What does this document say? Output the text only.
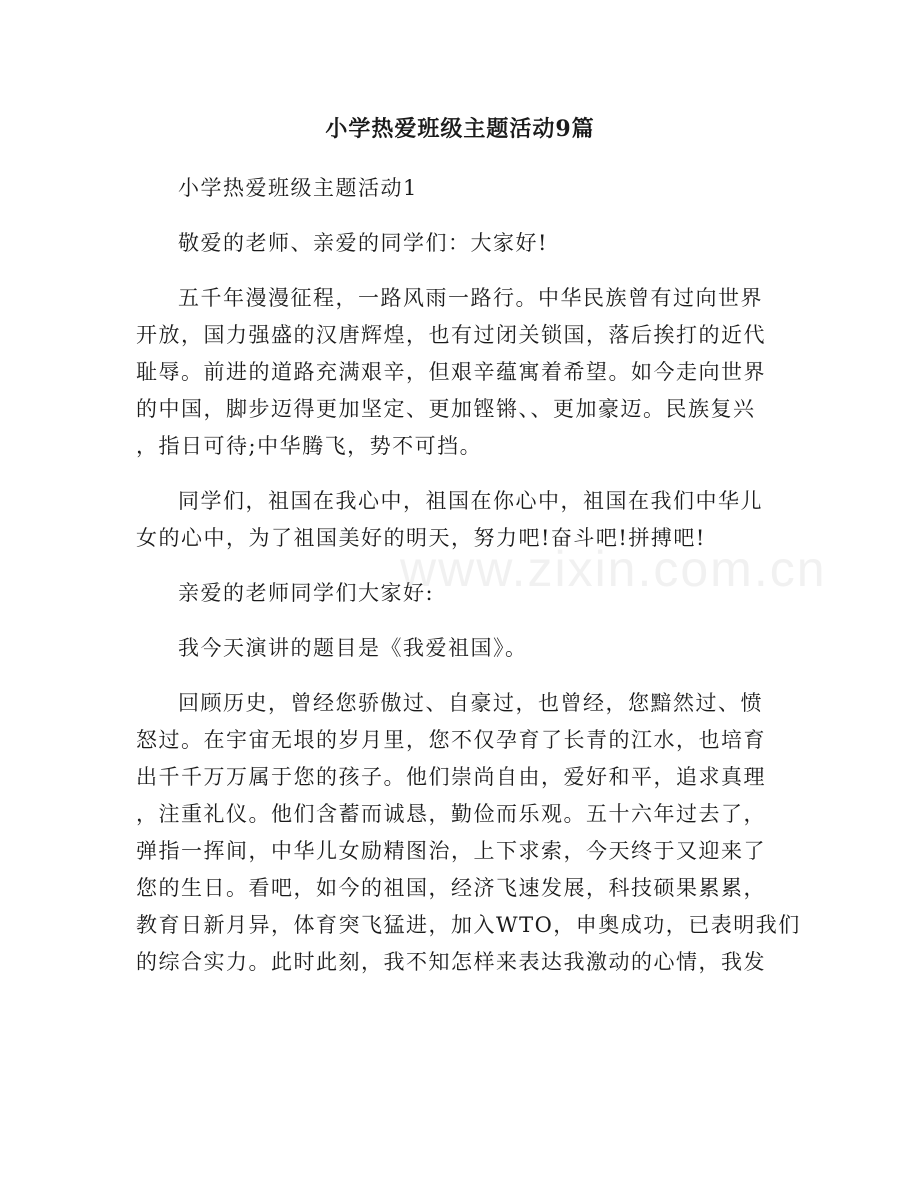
小学热爱班级主题活动9篇

小学热爱班级主题活动1

敬爱的老师、亲爱的同学们：大家好!

五千年漫漫征程，一路风雨一路行。中华民族曾有过向世界
开放，国力强盛的汉唐辉煌，也有过闭关锁国，落后挨打的近代
耻辱。前进的道路充满艰辛，但艰辛蕴寓着希望。如今走向世界
的中国，脚步迈得更加坚定、更加铿锵、、更加豪迈。民族复兴
，指日可待;中华腾飞，势不可挡。

同学们，祖国在我心中，祖国在你心中，祖国在我们中华儿
女的心中，为了祖国美好的明天，努力吧!奋斗吧!拼搏吧!

亲爱的老师同学们大家好:

我今天演讲的题目是《我爱祖国》。

回顾历史，曾经您骄傲过、自豪过，也曾经，您黯然过、愤
怒过。在宇宙无垠的岁月里，您不仅孕育了长青的江水，也培育
出千千万万属于您的孩子。他们崇尚自由，爱好和平，追求真理
，注重礼仪。他们含蓄而诚恳，勤俭而乐观。五十六年过去了，
弹指一挥间，中华儿女励精图治，上下求索，今天终于又迎来了
您的生日。看吧，如今的祖国，经济飞速发展，科技硕果累累，
教育日新月异，体育突飞猛进，加入WTO，申奥成功，已表明我们
的综合实力。此时此刻，我不知怎样来表达我激动的心情，我发

www.zixin.com.cn
